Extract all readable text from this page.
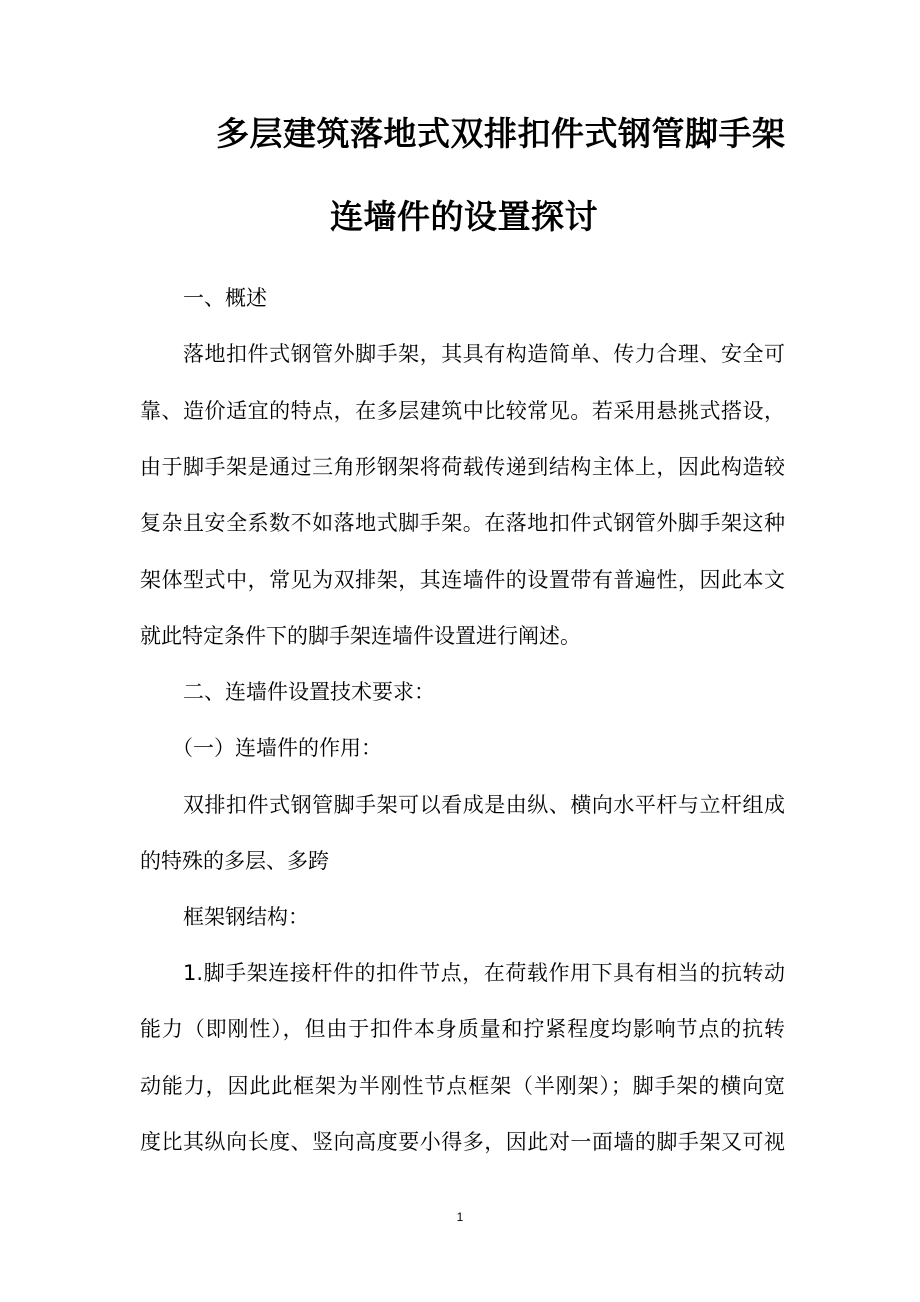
多层建筑落地式双排扣件式钢管脚手架
连墙件的设置探讨
一、概述
落地扣件式钢管外脚手架，其具有构造简单、传力合理、安全可
靠、造价适宜的特点，在多层建筑中比较常见。若采用悬挑式搭设，
由于脚手架是通过三角形钢架将荷载传递到结构主体上，因此构造较
复杂且安全系数不如落地式脚手架。在落地扣件式钢管外脚手架这种
架体型式中，常见为双排架，其连墙件的设置带有普遍性，因此本文
就此特定条件下的脚手架连墙件设置进行阐述。
二、连墙件设置技术要求：
（一）连墙件的作用：
双排扣件式钢管脚手架可以看成是由纵、横向水平杆与立杆组成
的特殊的多层、多跨
框架钢结构：
1.脚手架连接杆件的扣件节点，在荷载作用下具有相当的抗转动
能力（即刚性），但由于扣件本身质量和拧紧程度均影响节点的抗转
动能力，因此此框架为半刚性节点框架（半刚架）；脚手架的横向宽
度比其纵向长度、竖向高度要小得多，因此对一面墙的脚手架又可视
1
